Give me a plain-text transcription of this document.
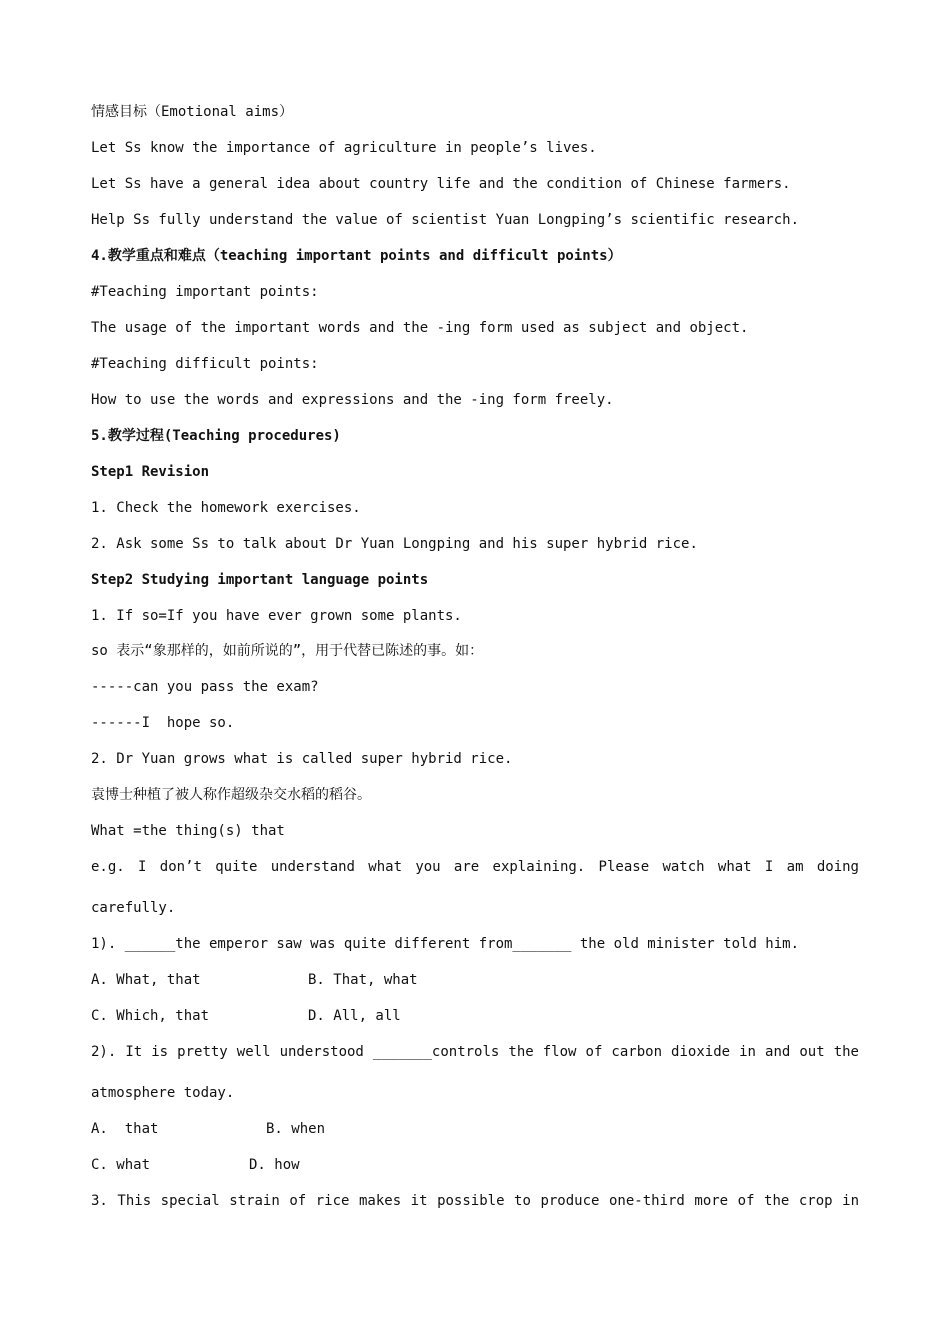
情感目标（Emotional aims）
Let Ss know the importance of agriculture in people’s lives.
Let Ss have a general idea about country life and the condition of Chinese farmers.
Help Ss fully understand the value of scientist Yuan Longping’s scientific research.
4.教学重点和难点（teaching important points and difficult points）
#Teaching important points:
The usage of the important words and the -ing form used as subject and object.
#Teaching difficult points:
How to use the words and expressions and the -ing form freely.
5.教学过程(Teaching procedures)
Step1 Revision
1. Check the homework exercises.
2. Ask some Ss to talk about Dr Yuan Longping and his super hybrid rice.
Step2 Studying important language points
1. If so=If you have ever grown some plants.
so 表示“象那样的，如前所说的”，用于代替已陈述的事。如：
-----can you pass the exam?
------I  hope so.
2. Dr Yuan grows what is called super hybrid rice.
袁博士种植了被人称作超级杂交水稻的稻谷。
What =the thing(s) that
e.g. I don’t quite understand what you are explaining. Please watch what I am doing
carefully.
1). ______the emperor saw was quite different from_______ the old minister told him.

A. What, that

	B. That, what

C. Which, that

	D. All, all

2). It is pretty well understood _______controls the flow of carbon dioxide in and out the
atmosphere today.

A.  that

	B. when

C. what

	D. how

3. This special strain of rice makes it possible to produce one-third more of the crop in
